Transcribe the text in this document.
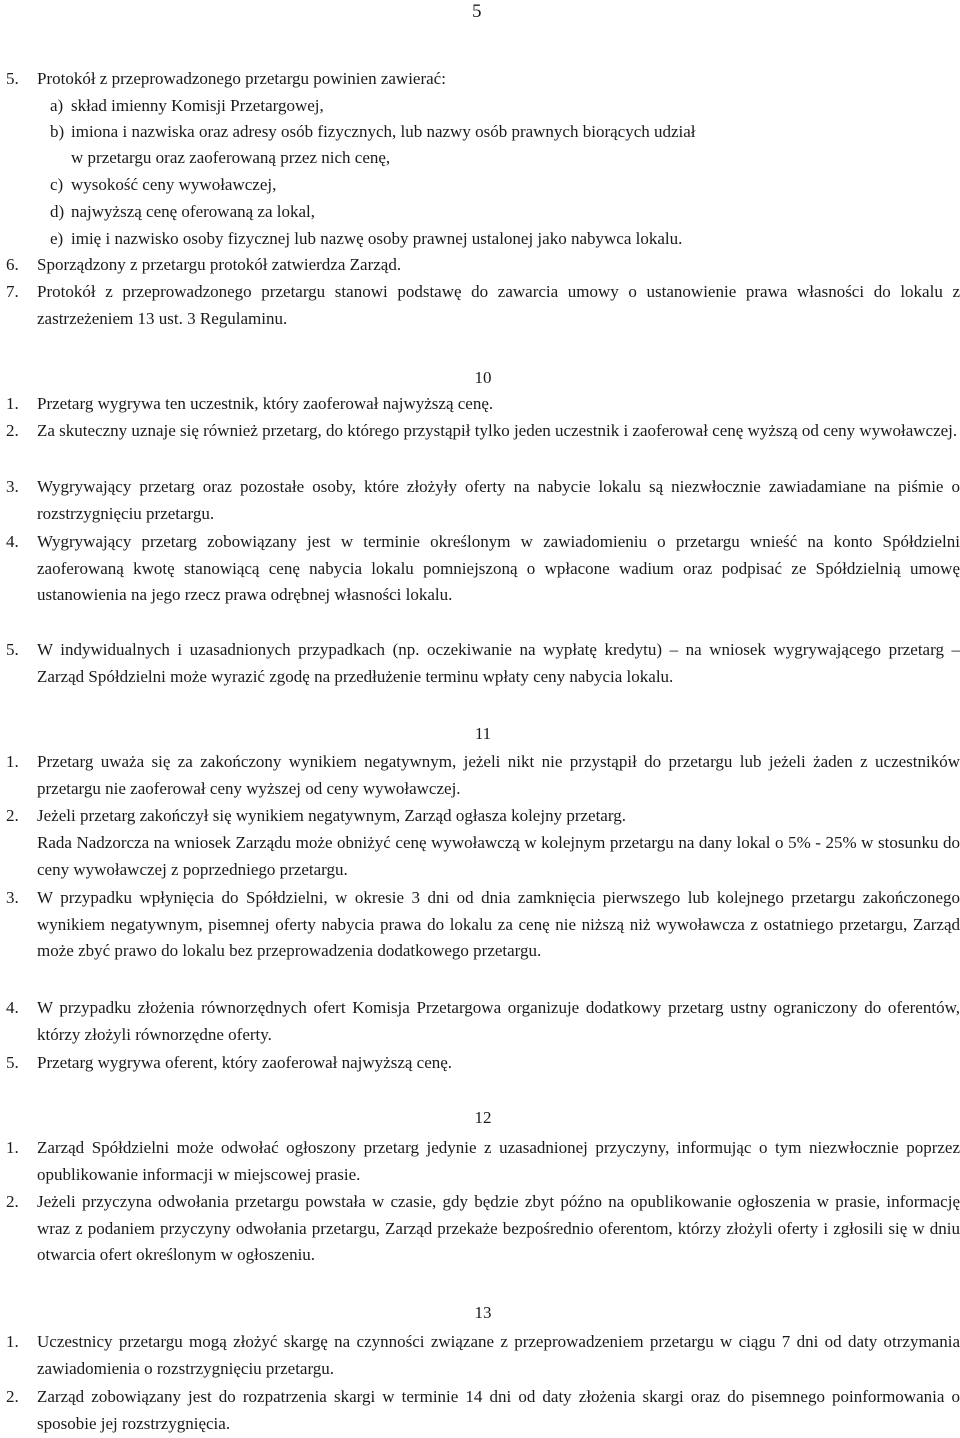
5
5. Protokół z przeprowadzonego przetargu powinien zawierać:
a) skład imienny Komisji Przetargowej,
b) imiona i nazwiska oraz adresy osób fizycznych, lub nazwy osób prawnych biorących udział
w przetargu oraz zaoferowaną przez nich cenę,
c) wysokość ceny wywoławczej,
d) najwyższą cenę oferowaną za lokal,
e) imię i nazwisko osoby fizycznej lub nazwę osoby prawnej ustalonej jako nabywca lokalu.
6. Sporządzony z przetargu protokół zatwierdza Zarząd.
7. Protokół z przeprowadzonego przetargu stanowi podstawę do zawarcia umowy o ustanowienie prawa własności do lokalu z zastrzeżeniem 13 ust. 3 Regulaminu.
10
1. Przetarg wygrywa ten uczestnik, który zaoferował najwyższą cenę.
2. Za skuteczny uznaje się również przetarg, do którego przystąpił tylko jeden uczestnik i zaoferował cenę wyższą od ceny wywoławczej.
3. Wygrywający przetarg oraz pozostałe osoby, które złożyły oferty na nabycie lokalu są niezwłocznie zawiadamiane na piśmie o rozstrzygnięciu przetargu.
4. Wygrywający przetarg zobowiązany jest w terminie określonym w zawiadomieniu o przetargu wnieść na konto Spółdzielni zaoferowaną kwotę stanowiącą cenę nabycia lokalu pomniejszoną o wpłacone wadium oraz podpisać ze Spółdzielnią umowę ustanowienia na jego rzecz prawa odrębnej własności lokalu.
5. W indywidualnych i uzasadnionych przypadkach (np. oczekiwanie na wypłatę kredytu) – na wniosek wygrywającego przetarg – Zarząd Spółdzielni może wyrazić zgodę na przedłużenie terminu wpłaty ceny nabycia lokalu.
11
1. Przetarg uważa się za zakończony wynikiem negatywnym, jeżeli nikt nie przystąpił do przetargu lub jeżeli żaden z uczestników przetargu nie zaoferował ceny wyższej od ceny wywoławczej.
2. Jeżeli przetarg zakończył się wynikiem negatywnym, Zarząd ogłasza kolejny przetarg.
Rada Nadzorcza na wniosek Zarządu może obniżyć cenę wywoławczą w kolejnym przetargu na dany lokal o 5% - 25% w stosunku do ceny wywoławczej z poprzedniego przetargu.
3. W przypadku wpłynięcia do Spółdzielni, w okresie 3 dni od dnia zamknięcia pierwszego lub kolejnego przetargu zakończonego wynikiem negatywnym, pisemnej oferty nabycia prawa do lokalu za cenę nie niższą niż wywoławcza z ostatniego przetargu, Zarząd może zbyć prawo do lokalu bez przeprowadzenia dodatkowego przetargu.
4. W przypadku złożenia równorzędnych ofert Komisja Przetargowa organizuje dodatkowy przetarg ustny ograniczony do oferentów, którzy złożyli równorzędne oferty.
5. Przetarg wygrywa oferent, który zaoferował najwyższą cenę.
12
1. Zarząd Spółdzielni może odwołać ogłoszony przetarg jedynie z uzasadnionej przyczyny, informując o tym niezwłocznie poprzez opublikowanie informacji w miejscowej prasie.
2. Jeżeli przyczyna odwołania przetargu powstała w czasie, gdy będzie zbyt późno na opublikowanie ogłoszenia w prasie, informację wraz z podaniem przyczyny odwołania przetargu, Zarząd przekaże bezpośrednio oferentom, którzy złożyli oferty i zgłosili się w dniu otwarcia ofert określonym w ogłoszeniu.
13
1. Uczestnicy przetargu mogą złożyć skargę na czynności związane z przeprowadzeniem przetargu w ciągu 7 dni od daty otrzymania zawiadomienia o rozstrzygnięciu przetargu.
2. Zarząd zobowiązany jest do rozpatrzenia skargi w terminie 14 dni od daty złożenia skargi oraz do pisemnego poinformowania o sposobie jej rozstrzygnięcia.
